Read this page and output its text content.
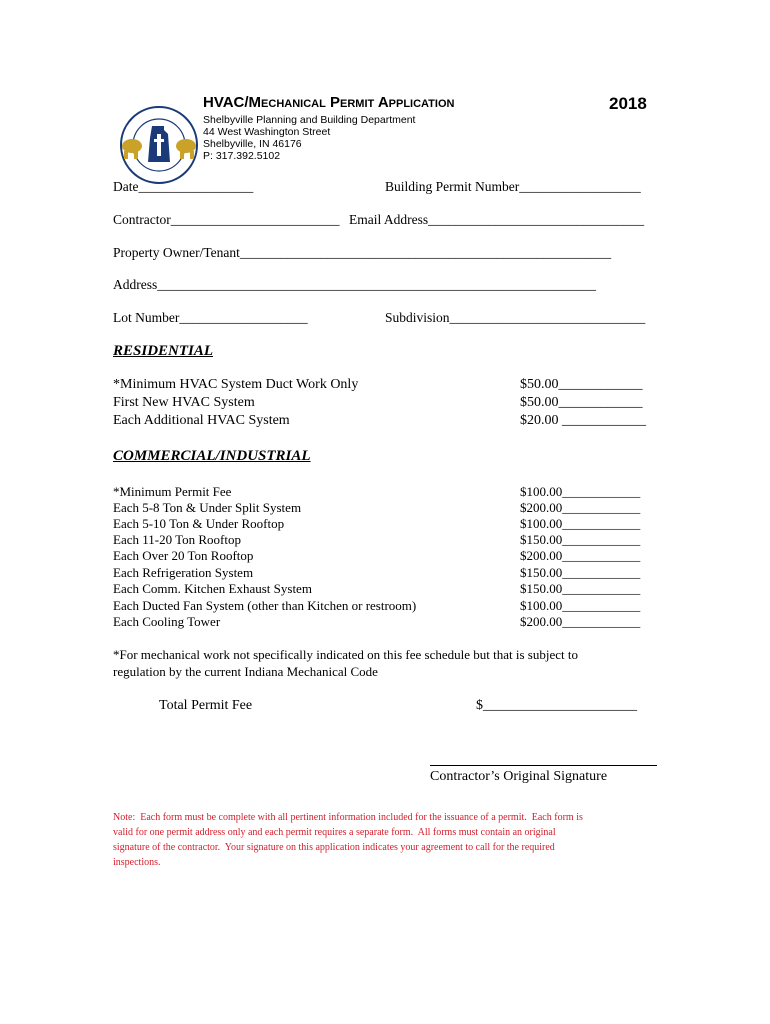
HVAC/Mechanical Permit Application	2018
Shelbyville Planning and Building Department
44 West Washington Street
Shelbyville, IN 46176
P: 317.392.5102
Date_________________	Building Permit Number__________________
Contractor_________________________ Email Address________________________________
Property Owner/Tenant_______________________________________________________
Address_________________________________________________________________
Lot Number___________________	Subdivision_____________________________
RESIDENTIAL
*Minimum HVAC System Duct Work Only	$50.00____________
First New HVAC System	$50.00____________
Each Additional HVAC System	$20.00 ____________
COMMERCIAL/INDUSTRIAL
*Minimum Permit Fee	$100.00____________
Each 5-8 Ton & Under Split System	$200.00____________
Each 5-10 Ton & Under Rooftop	$100.00____________
Each 11-20 Ton Rooftop	$150.00____________
Each Over 20 Ton Rooftop	$200.00____________
Each Refrigeration System	$150.00____________
Each Comm. Kitchen Exhaust System	$150.00____________
Each Ducted Fan System (other than Kitchen or restroom)	$100.00____________
Each Cooling Tower	$200.00____________
*For mechanical work not specifically indicated on this fee schedule but that is subject to
regulation by the current Indiana Mechanical Code
Total Permit Fee	$______________________
Contractor’s Original Signature
Note:  Each form must be complete with all pertinent information included for the issuance of a permit.  Each form is
valid for one permit address only and each permit requires a separate form.  All forms must contain an original
signature of the contractor.  Your signature on this application indicates your agreement to call for the required
inspections.
